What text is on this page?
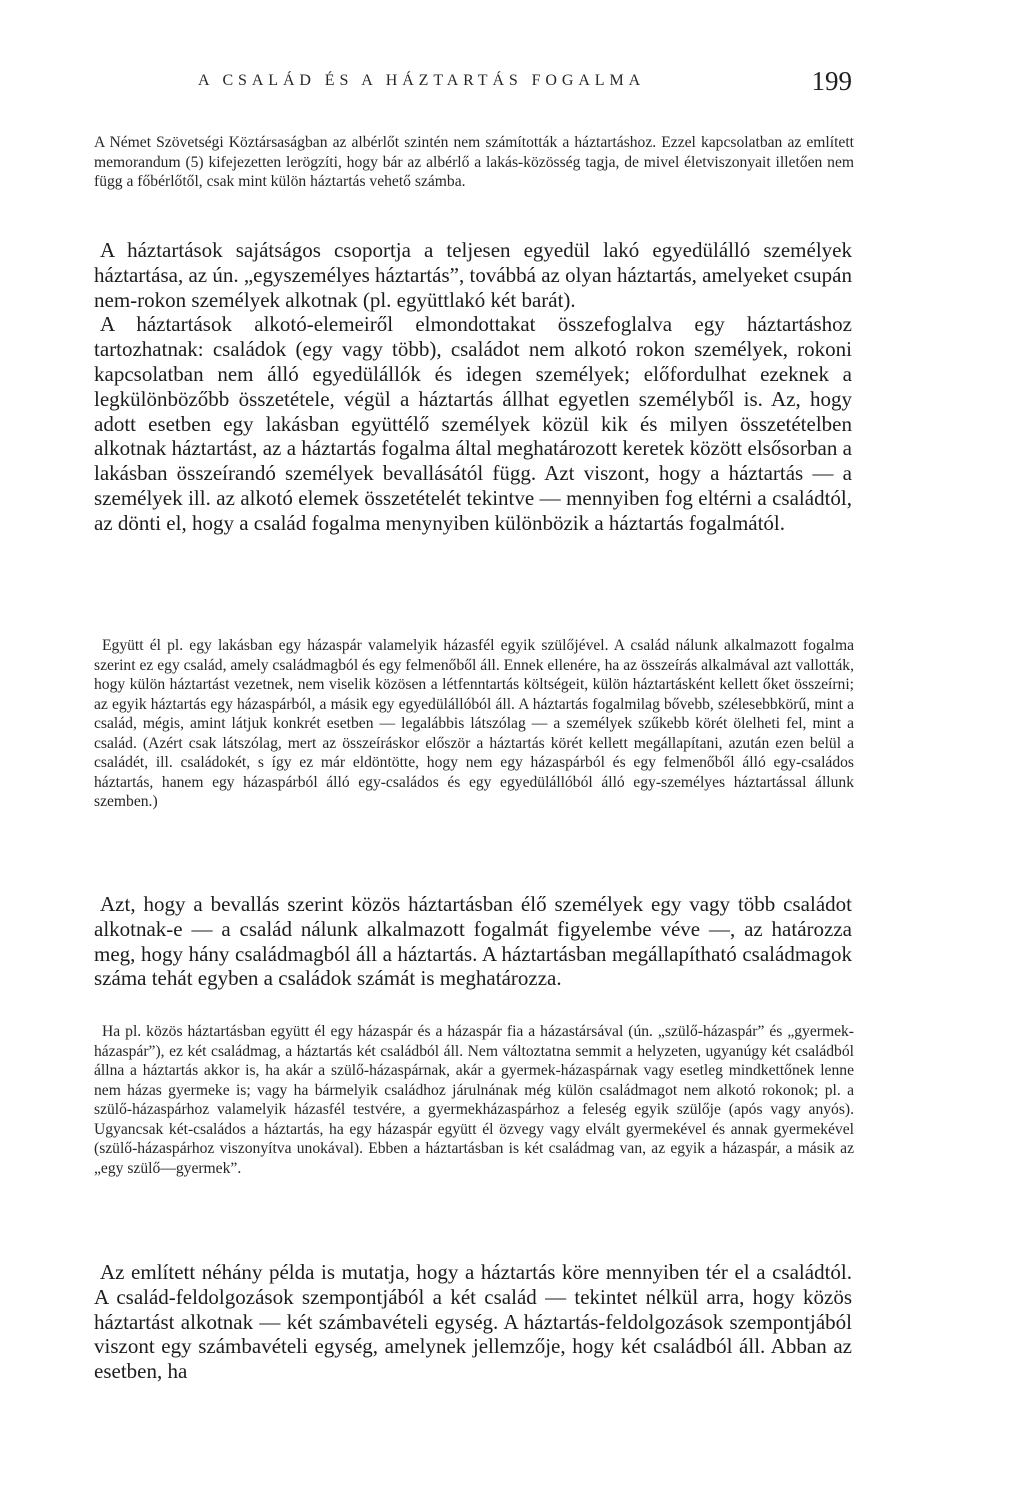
A CSALÁD ÉS A HÁZTARTÁS FOGALMA	199

A Német Szövetségi Köztársaságban az albérlőt szintén nem számították a háztartáshoz. Ezzel kapcsolatban az említett memorandum (5) kifejezetten lerögzíti, hogy bár az albérlő a lakás-közösség tagja, de mivel életviszonyait illetően nem függ a főbérlőtől, csak mint külön háztartás vehető számba.

A háztartások sajátságos csoportja a teljesen egyedül lakó egyedülálló személyek háztartása, az ún. „egyszemélyes háztartás”, továbbá az olyan háztartás, amelyeket csupán nem-rokon személyek alkotnak (pl. együttlakó két barát).

A háztartások alkotó-elemeiről elmondottakat összefoglalva egy háztartáshoz tartozhatnak: családok (egy vagy több), családot nem alkotó rokon személyek, rokoni kapcsolatban nem álló egyedülállók és idegen személyek; előfordulhat ezeknek a legkülönbözőbb összetétele, végül a háztartás állhat egyetlen személyből is. Az, hogy adott esetben egy lakásban együttélő személyek közül kik és milyen összetételben alkotnak háztartást, az a háztartás fogalma által meghatározott keretek között elsősorban a lakásban összeírandó személyek bevallásától függ. Azt viszont, hogy a háztartás — a személyek ill. az alkotó elemek összetételét tekintve — mennyiben fog eltérni a családtól, az dönti el, hogy a család fogalma menynyiben különbözik a háztartás fogalmától.

Együtt él pl. egy lakásban egy házaspár valamelyik házasfél egyik szülőjével. A család nálunk alkalmazott fogalma szerint ez egy család, amely családmagból és egy felmenőből áll. Ennek ellenére, ha az összeírás alkalmával azt vallották, hogy külön háztartást vezetnek, nem viselik közösen a létfenntartás költségeit, külön háztartásként kellett őket összeírni; az egyik háztartás egy házaspárból, a másik egy egyedülállóból áll. A háztartás fogalmilag bővebb, szélesebbkörű, mint a család, mégis, amint látjuk konkrét esetben — legalábbis látszólag — a személyek szűkebb körét ölelheti fel, mint a család. (Azért csak látszólag, mert az összeíráskor először a háztartás körét kellett megállapítani, azután ezen belül a családét, ill. családokét, s így ez már eldöntötte, hogy nem egy házaspárból és egy felmenőből álló egy-családos háztartás, hanem egy házaspárból álló egy-családos és egy egyedülállóból álló egy-személyes háztartással állunk szemben.)

Azt, hogy a bevallás szerint közös háztartásban élő személyek egy vagy több családot alkotnak-e — a család nálunk alkalmazott fogalmát figyelembe véve —, az határozza meg, hogy hány családmagból áll a háztartás. A háztartásban megállapítható családmagok száma tehát egyben a családok számát is meghatározza.

Ha pl. közös háztartásban együtt él egy házaspár és a házaspár fia a házastársával (ún. „szülő-házaspár” és „gyermek-házaspár”), ez két családmag, a háztartás két családból áll. Nem változtatna semmit a helyzeten, ugyanúgy két családból állna a háztartás akkor is, ha akár a szülő-házaspárnak, akár a gyermek-házaspárnak vagy esetleg mindkettőnek lenne nem házas gyermeke is; vagy ha bármelyik családhoz járulnának még külön családmagot nem alkotó rokonok; pl. a szülő-házaspárhoz valamelyik házasfél testvére, a gyermekházaspárhoz a feleség egyik szülője (após vagy anyós). Ugyancsak két-családos a háztartás, ha egy házaspár együtt él özvegy vagy elvált gyermekével és annak gyermekével (szülő-házaspárhoz viszonyítva unokával). Ebben a háztartásban is két családmag van, az egyik a házaspár, a másik az „egy szülő—gyermek”.

Az említett néhány példa is mutatja, hogy a háztartás köre mennyiben tér el a családtól. A család-feldolgozások szempontjából a két család — tekintet nélkül arra, hogy közös háztartást alkotnak — két számbavételi egység. A háztartás-feldolgozások szempontjából viszont egy számbavételi egység, amelynek jellemzője, hogy két családból áll. Abban az esetben, ha
